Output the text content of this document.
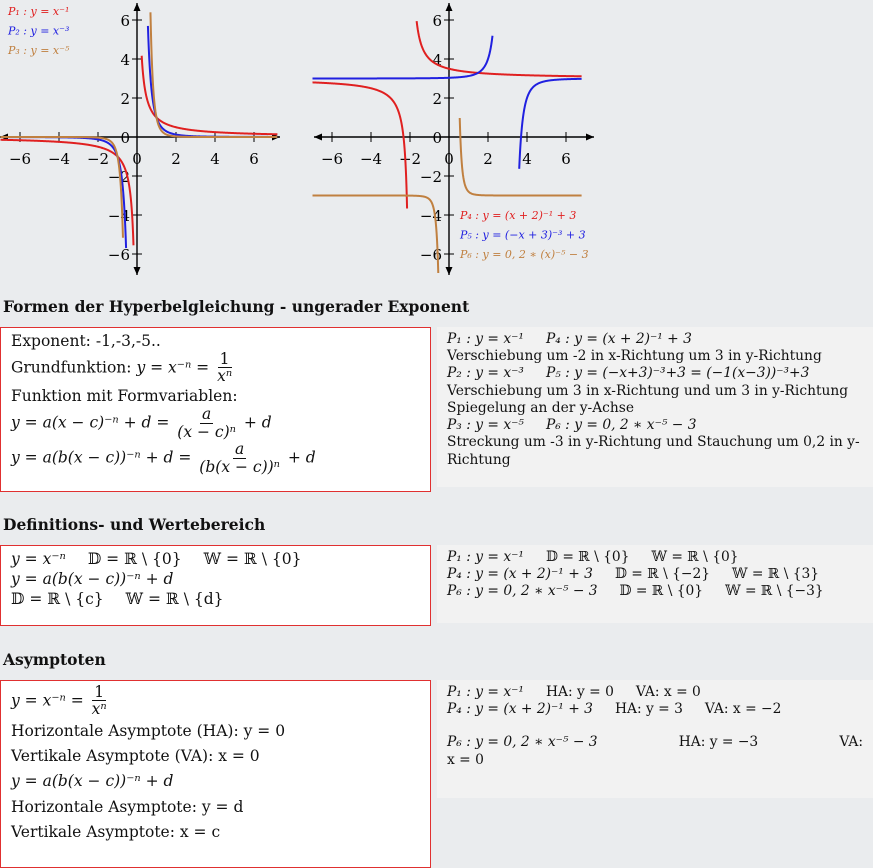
−6 −4 −2 0 2 4 6
6
4
2
0
−2
−4
−6
P₁ : y = x⁻¹
P₂ : y = x⁻³
P₃ : y = x⁻⁵
−6 −4 −2 0 2 4 6
6
4
2
0
−2
−4
−6
P₄ : y = (x + 2)⁻¹ + 3
P₅ : y = (−x + 3)⁻³ + 3
P₆ : y = 0, 2 ∗ (x)⁻⁵ − 3
Formen der Hyperbelgleichung - ungerader Exponent
Exponent: -1,-3,-5..
Grundfunktion: $y = x^{-n} = \frac{1}{\text{xⁿ}}$
Funktion mit Formvariablen:
$y = a(x - c)^{-n} + d = \frac{a}{\text{(x − c)ⁿ}} + d$
$y = a(b(x - c))^{-n} + d = \frac{a}{\text{(b(x − c))ⁿ}} + d$
P₁ : y = x⁻¹ P₄ : y = (x + 2)⁻¹ + 3
Verschiebung um -2 in x-Richtung um 3 in y-Richtung
P₂ : y = x⁻³ P₅ : y = (−x+3)⁻³+3 = (−1(x−3))⁻³+3
Verschiebung um 3 in x-Richtung und um 3 in y-Richtung
Spiegelung an der y-Achse
P₃ : y = x⁻⁵ P₆ : y = 0, 2 ∗ x⁻⁵ − 3
Streckung um -3 in y-Richtung und Stauchung um 0,2 in y-Richtung
Definitions- und Wertebereich
y = x⁻ⁿ 𝔻 = ℝ \ {0} 𝕎 = ℝ \ {0}
y = a(b(x − c))⁻ⁿ + d
𝔻 = ℝ \ {c} 𝕎 = ℝ \ {d}
P₁ : y = x⁻¹ 𝔻 = ℝ \ {0} 𝕎 = ℝ \ {0}
P₄ : y = (x + 2)⁻¹ + 3 𝔻 = ℝ \ {−2} 𝕎 = ℝ \ {3}
P₆ : y = 0, 2 ∗ x⁻⁵ − 3 𝔻 = ℝ \ {0} 𝕎 = ℝ \ {−3}
Asymptoten
$y = x^{-n} = \frac{1}{\text{xⁿ}}$
Horizontale Asymptote (HA): y = 0
Vertikale Asymptote (VA): x = 0
y = a(b(x − c))⁻ⁿ + d
Horizontale Asymptote: y = d
Vertikale Asymptote: x = c
P₁ : y = x⁻¹ HA: y = 0 VA: x = 0
P₄ : y = (x + 2)⁻¹ + 3 HA: y = 3 VA: x = −2
P₆ : y = 0, 2 ∗ x⁻⁵ − 3	HA: y = −3	VA:
x = 0
